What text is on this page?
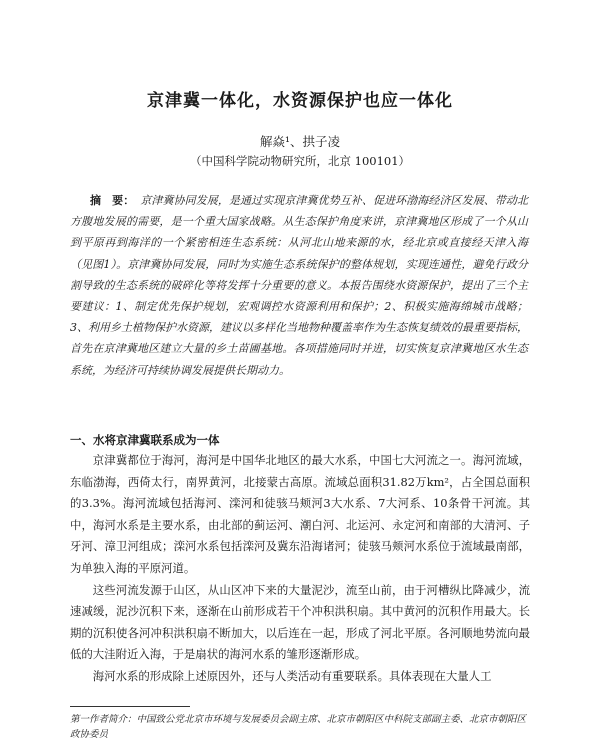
京津冀一体化，水资源保护也应一体化
解焱¹、拱子凌
（中国科学院动物研究所，北京 100101）
摘　要： 京津冀协同发展，是通过实现京津冀优势互补、促进环渤海经济区发展、带动北方腹地发展的需要，是一个重大国家战略。从生态保护角度来讲，京津冀地区形成了一个从山到平原再到海洋的一个紧密相连生态系统：从河北山地来源的水，经北京或直接经天津入海（见图1）。京津冀协同发展，同时为实施生态系统保护的整体规划，实现连通性，避免行政分割导致的生态系统的破碎化等将发挥十分重要的意义。本报告围绕水资源保护，提出了三个主要建议：1、制定优先保护规划，宏观调控水资源利用和保护；2、积极实施海绵城市战略；3、利用乡土植物保护水资源，建议以多样化当地物种覆盖率作为生态恢复绩效的最重要指标，首先在京津冀地区建立大量的乡土苗圃基地。各项措施同时并进，切实恢复京津冀地区水生态系统，为经济可持续协调发展提供长期动力。
一、水将京津冀联系成为一体

京津冀都位于海河，海河是中国华北地区的最大水系，中国七大河流之一。海河流域，东临渤海，西倚太行，南界黄河，北接蒙古高原。流域总面积31.82万km²，占全国总面积的3.3%。海河流域包括海河、滦河和徒骇马颊河3大水系、7大河系、10条骨干河流。其中，海河水系是主要水系，由北部的蓟运河、潮白河、北运河、永定河和南部的大清河、子牙河、漳卫河组成；滦河水系包括滦河及冀东沿海诸河；徒骇马颊河水系位于流域最南部，为单独入海的平原河道。

这些河流发源于山区，从山区冲下来的大量泥沙，流至山前，由于河槽纵比降减少，流速减缓，泥沙沉积下来，逐渐在山前形成若干个冲积洪积扇。其中黄河的沉积作用最大。长期的沉积使各河冲积洪积扇不断加大，以后连在一起，形成了河北平原。各河顺地势流向最低的大洼附近入海，于是扇状的海河水系的雏形逐渐形成。

海河水系的形成除上述原因外，还与人类活动有重要联系。具体表现在大量人工

第一作者简介：中国致公党北京市环境与发展委员会副主席、北京市朝阳区中科院支部副主委、北京市朝阳区政协委员
